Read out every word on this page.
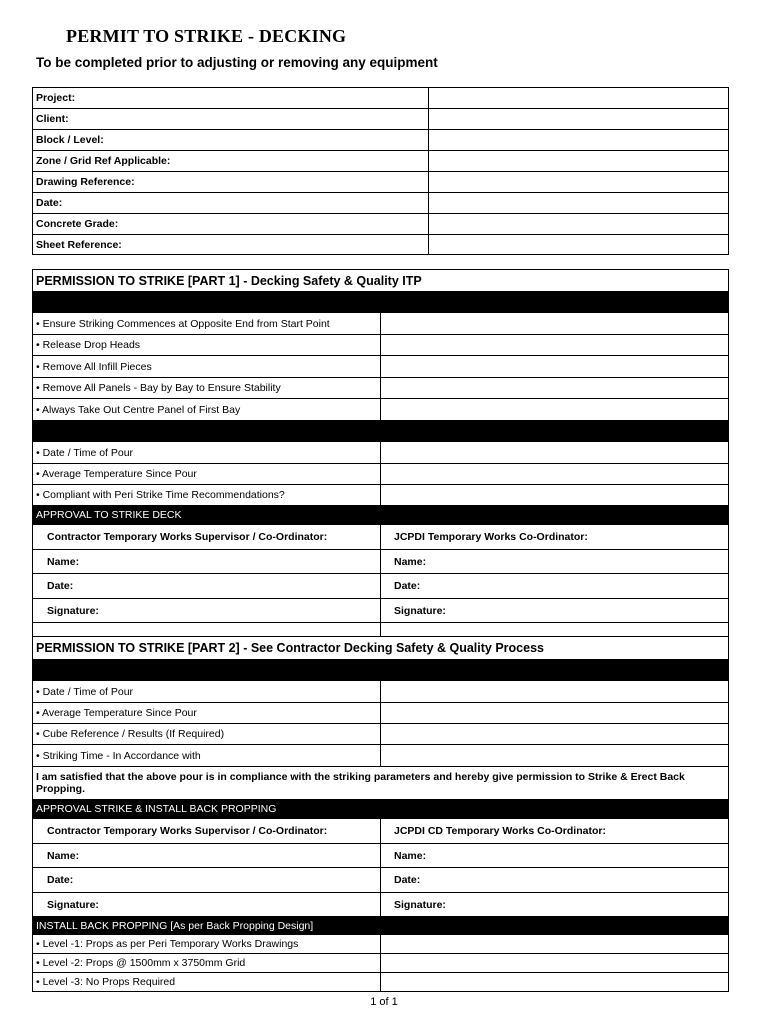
PERMIT TO STRIKE - DECKING
To be completed prior to adjusting or removing any equipment
Project:	
Client:	
Block / Level:	
Zone / Grid Ref Applicable:	
Drawing Reference:	
Date:	
Concrete Grade:	
Sheet Reference:	
PERMISSION TO STRIKE [PART 1] - Decking Safety & Quality ITP	

• Ensure Striking Commences at Opposite End from Start Point	
• Release Drop Heads	
• Remove All Infill Pieces	
• Remove All Panels - Bay by Bay to Ensure Stability	
• Always Take Out Centre Panel of First Bay	

• Date / Time of Pour	
• Average Temperature Since Pour	
• Compliant with Peri Strike Time Recommendations?	
APPROVAL TO STRIKE DECK	
Contractor Temporary Works Supervisor / Co-Ordinator:	JCPDI Temporary Works Co-Ordinator:
Name:	Name:
Date:	Date:
Signature:	Signature:

PERMISSION TO STRIKE [PART 2] - See Contractor Decking Safety & Quality Process	

• Date / Time of Pour	
• Average Temperature Since Pour	
• Cube Reference / Results (If Required)	
• Striking Time - In Accordance with	
I am satisfied that the above pour is in compliance with the striking parameters and hereby give permission to Strike & Erect Back Propping.	
APPROVAL STRIKE & INSTALL BACK PROPPING	
Contractor Temporary Works Supervisor / Co-Ordinator:	JCPDI CD Temporary Works Co-Ordinator:
Name:	Name:
Date:	Date:
Signature:	Signature:
INSTALL BACK PROPPING [As per Back Propping Design]	
• Level -1: Props as per Peri Temporary Works Drawings	
• Level -2: Props @ 1500mm x 3750mm Grid	
• Level -3: No Props Required	
1 of 1
